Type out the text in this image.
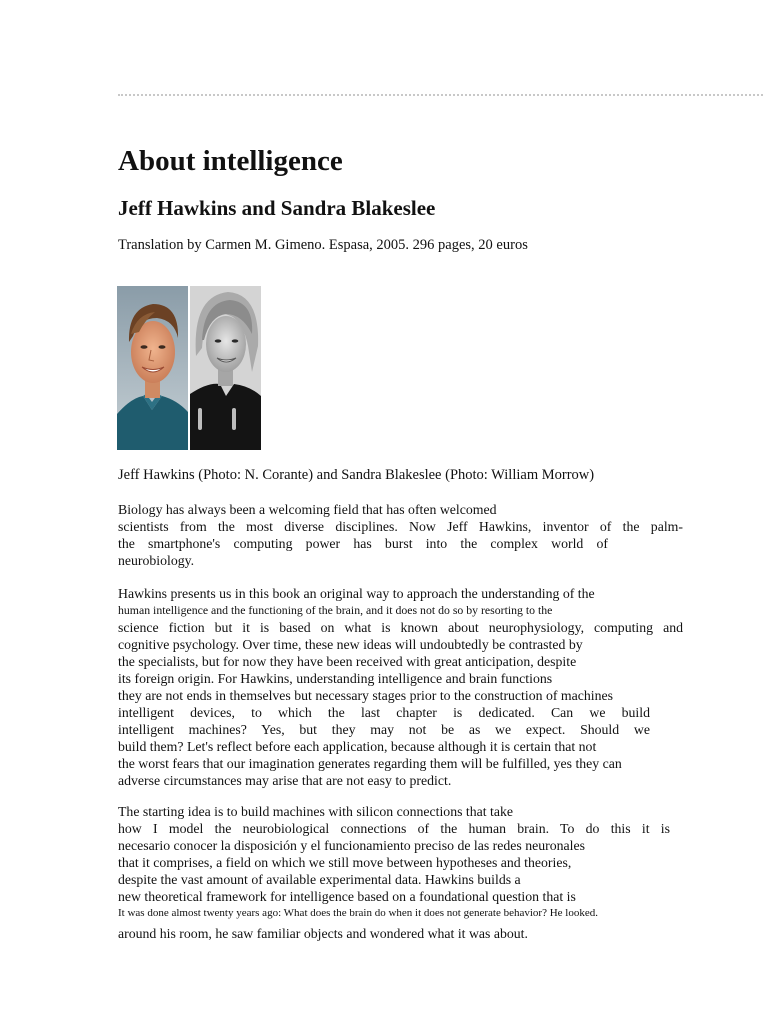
About intelligence
Jeff Hawkins and Sandra Blakeslee

Translation by Carmen M. Gimeno. Espasa, 2005. 296 pages, 20 euros

Jeff Hawkins (Photo: N. Corante) and Sandra Blakeslee (Photo: William Morrow)

Biology has always been a welcoming field that has often welcomed
scientists from the most diverse disciplines. Now Jeff Hawkins, inventor of the palm-
the smartphone's computing power has burst into the complex world of
neurobiology.
Hawkins presents us in this book an original way to approach the understanding of the
human intelligence and the functioning of the brain, and it does not do so by resorting to the
science fiction but it is based on what is known about neurophysiology, computing and
cognitive psychology. Over time, these new ideas will undoubtedly be contrasted by
the specialists, but for now they have been received with great anticipation, despite
its foreign origin. For Hawkins, understanding intelligence and brain functions
they are not ends in themselves but necessary stages prior to the construction of machines
intelligent devices, to which the last chapter is dedicated. Can we build
intelligent machines? Yes, but they may not be as we expect. Should we
build them? Let's reflect before each application, because although it is certain that not
the worst fears that our imagination generates regarding them will be fulfilled, yes they can
adverse circumstances may arise that are not easy to predict.
The starting idea is to build machines with silicon connections that take
how I model the neurobiological connections of the human brain. To do this it is
necesario conocer la disposición y el funcionamiento preciso de las redes neuronales
that it comprises, a field on which we still move between hypotheses and theories,
despite the vast amount of available experimental data. Hawkins builds a
new theoretical framework for intelligence based on a foundational question that is
It was done almost twenty years ago: What does the brain do when it does not generate behavior? He looked.
around his room, he saw familiar objects and wondered what it was about.
